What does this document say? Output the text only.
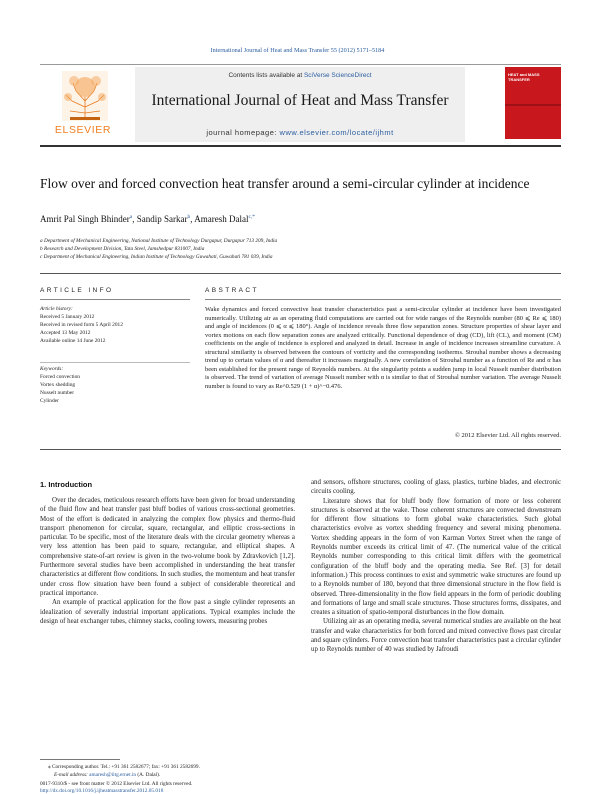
International Journal of Heat and Mass Transfer 55 (2012) 5171–5184
ELSEVIER
Contents lists available at SciVerse ScienceDirect
International Journal of Heat and Mass Transfer
journal homepage: www.elsevier.com/locate/ijhmt
HEAT and MASS TRANSFER
Flow over and forced convection heat transfer around a semi-circular cylinder at incidence
Amrit Pal Singh Bhinder$^a$, Sandip Sarkar$^b$, Amaresh Dalal$^{c,*}$
a Department of Mechanical Engineering, National Institute of Technology Durgapur, Durgapur 713 209, India
b Research and Development Division, Tata Steel, Jamshedpur 831007, India
c Department of Mechanical Engineering, Indian Institute of Technology Guwahati, Guwahati 781 039, India
ARTICLE INFO
Article history:
Received 5 January 2012
Received in revised form 5 April 2012
Accepted 13 May 2012
Available online 14 June 2012
Keywords:
Forced convection
Vortex shedding
Nusselt number
Cylinder
ABSTRACT
Wake dynamics and forced convective heat transfer characteristics past a semi-circular cylinder at incidence have been investigated numerically. Utilizing air as an operating fluid computations are carried out for wide ranges of the Reynolds number (80 ⩽ Re ⩽ 180) and angle of incidences (0 ⩽ α ⩽ 180°). Angle of incidence reveals three flow separation zones. Structure properties of shear layer and vortex motions on each flow separation zones are analyzed critically. Functional dependence of drag (CD), lift (CL), and moment (CM) coefficients on the angle of incidence is explored and analyzed in detail. Increase in angle of incidence increases streamline curvature. A structural similarity is observed between the contours of vorticity and the corresponding isotherms. Strouhal number shows a decreasing trend up to certain values of α and thereafter it increases marginally. A new correlation of Strouhal number as a function of Re and α has been established for the present range of Reynolds numbers. At the singularity points a sudden jump in local Nusselt number distribution is observed. The trend of variation of average Nusselt number with α is similar to that of Strouhal number variation. The average Nusselt number is found to vary as Re^0.529 (1 + α)^−0.476.
© 2012 Elsevier Ltd. All rights reserved.
1. Introduction

Over the decades, meticulous research efforts have been given for broad understanding of the fluid flow and heat transfer past bluff bodies of various cross-sectional geometries. Most of the effort is dedicated in analyzing the complex flow physics and thermo-fluid transport phenomenon for circular, square, rectangular, and elliptic cross-sections in particular. To be specific, most of the literature deals with the circular geometry whereas a very less attention has been paid to square, rectangular, and elliptical shapes. A comprehensive state-of-art review is given in the two-volume book by Zdravkovich [1,2]. Furthermore several studies have been accomplished in understanding the heat transfer characteristics at different flow conditions. In such studies, the momentum and heat transfer under cross flow situation have been found a subject of considerable theoretical and practical importance.

An example of practical application for the flow past a single cylinder represents an idealization of severally industrial important applications. Typical examples include the design of heat exchanger tubes, chimney stacks, cooling towers, measuring probes

and sensors, offshore structures, cooling of glass, plastics, turbine blades, and electronic circuits cooling.

Literature shows that for bluff body flow formation of more or less coherent structures is observed at the wake. Those coherent structures are convected downstream for different flow situations to form global wake characteristics. Such global characteristics evolve as vortex shedding frequency and several mixing phenomena. Vortex shedding appears in the form of von Karman Vortex Street when the range of Reynolds number exceeds its critical limit of 47. (The numerical value of the critical Reynolds number corresponding to this critical limit differs with the geometrical configuration of the bluff body and the operating media. See Ref. [3] for detail information.) This process continues to exist and symmetric wake structures are found up to a Reynolds number of 180, beyond that three dimensional structure in the flow field is observed. Three-dimensionality in the flow field appears in the form of periodic doubling and formations of large and small scale structures. Those structures forms, dissipates, and creates a situation of spatio-temporal disturbances in the flow domain.

Utilizing air as an operating media, several numerical studies are available on the heat transfer and wake characteristics for both forced and mixed convective flows past circular and square cylinders. Force convection heat transfer characteristics past a circular cylinder up to Reynolds number of 40 was studied by Jafroudi

⁎ Corresponding author. Tel.: +91 361 2582677; fax: +91 361 2582699.
E-mail address: amaresh@iitg.ernet.in (A. Dalal).
0017-9310/$ - see front matter © 2012 Elsevier Ltd. All rights reserved.
http://dx.doi.org/10.1016/j.ijheatmasstransfer.2012.05.018
